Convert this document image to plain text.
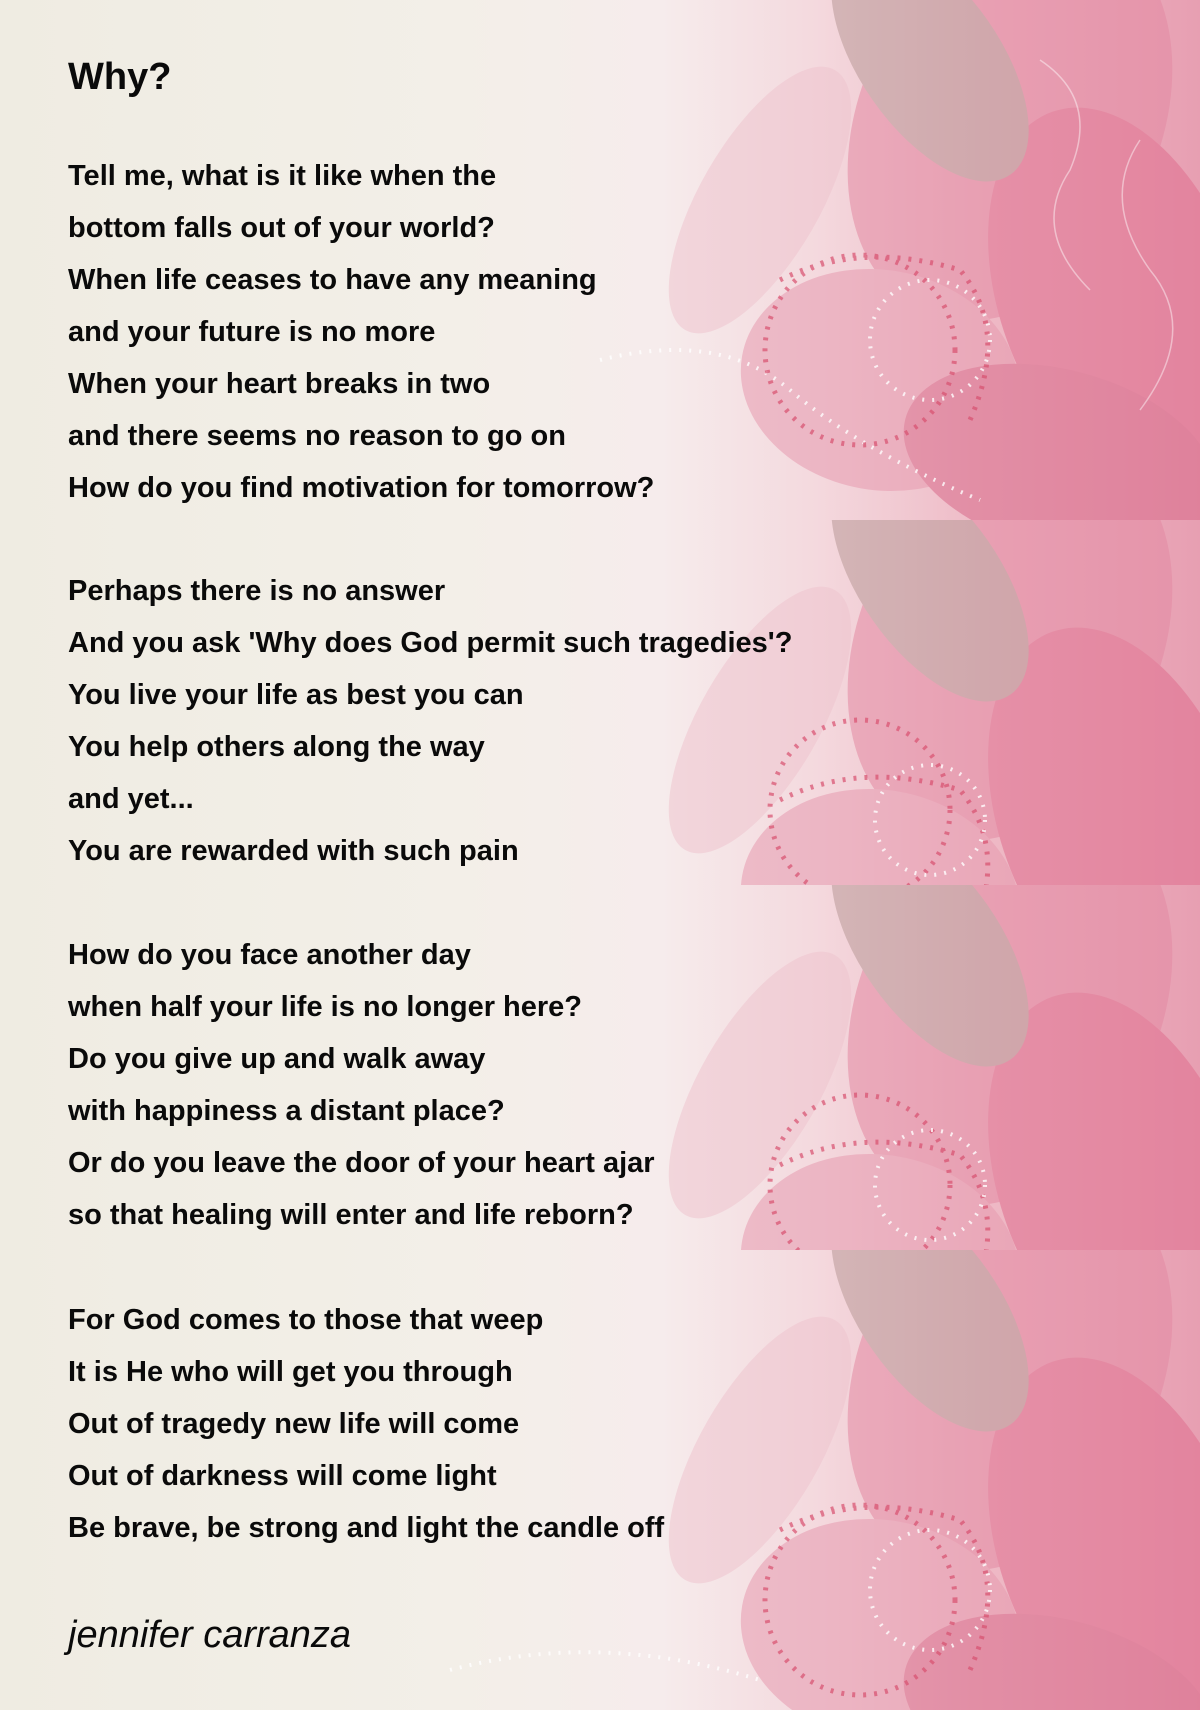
Why?
Tell me, what is it like when the
bottom falls out of your world?
When life ceases to have any meaning
and your future is no more
When your heart breaks in two
and there seems no reason to go on
How do you find motivation for tomorrow?
Perhaps there is no answer
And you ask 'Why does God permit such tragedies'?
You live your life as best you can
You help others along the way
and yet...
You are rewarded with such pain
How do you face another day
when half your life is no longer here?
Do you give up and walk away
with happiness a distant place?
Or do you leave the door of your heart ajar
so that healing will enter and life reborn?
For God comes to those that weep
It is He who will get you through
Out of tragedy new life will come
Out of darkness will come light
Be brave, be strong and light the candle off

jennifer carranza
